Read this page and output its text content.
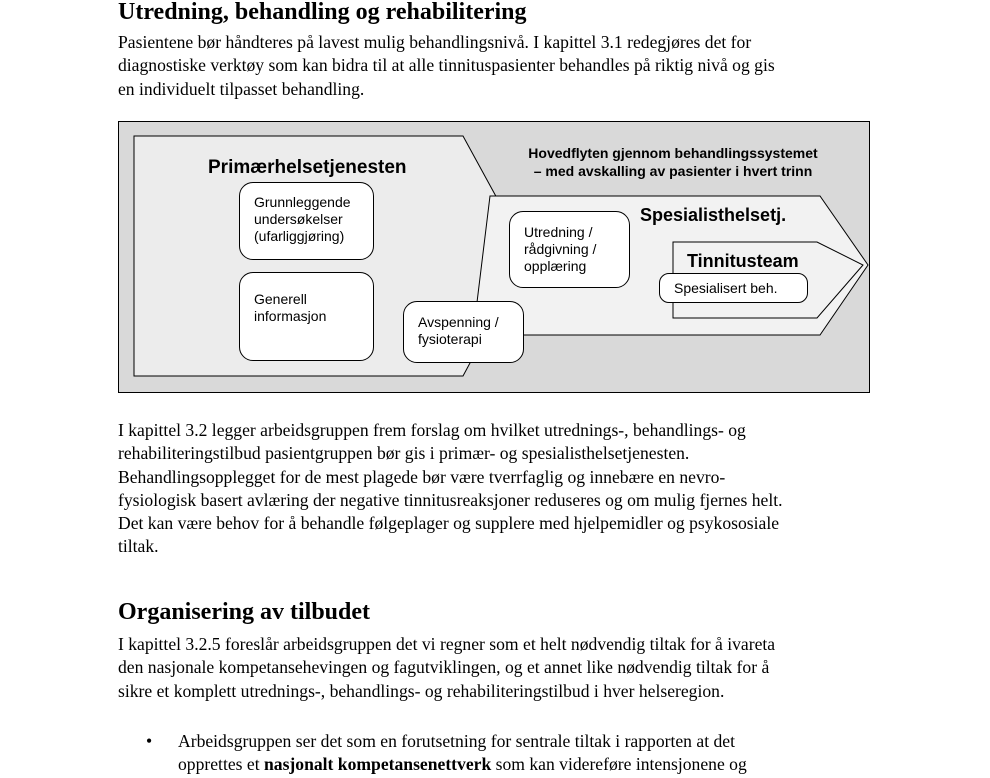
Utredning, behandling og rehabilitering

Pasientene bør håndteres på lavest mulig behandlingsnivå. I kapittel 3.1 redegjøres det for
diagnostiske verktøy som kan bidra til at alle tinnituspasienter behandles på riktig nivå og gis
en individuelt tilpasset behandling.

Hovedflyten gjennom behandlingssystemet
– med avskalling av pasienter i hvert trinn
Primærhelsetjenesten
Spesialisthelsetj.
Tinnitusteam
Grunnleggende
undersøkelser
(ufarliggjøring)
Generell
informasjon	Avspenning /
fysioterapi
Utredning /
rådgivning /
opplæring
Spesialisert beh.

I kapittel 3.2 legger arbeidsgruppen frem forslag om hvilket utrednings-, behandlings- og
rehabiliteringstilbud pasientgruppen bør gis i primær- og spesialisthelsetjenesten.
Behandlingsopplegget for de mest plagede bør være tverrfaglig og innebære en nevro-
fysiologisk basert avlæring der negative tinnitusreaksjoner reduseres og om mulig fjernes helt.
Det kan være behov for å behandle følgeplager og supplere med hjelpemidler og psykososiale
tiltak.

Organisering av tilbudet

I kapittel 3.2.5 foreslår arbeidsgruppen det vi regner som et helt nødvendig tiltak for å ivareta
den nasjonale kompetansehevingen og fagutviklingen, og et annet like nødvendig tiltak for å
sikre et komplett utrednings-, behandlings- og rehabiliteringstilbud i hver helseregion.

• Arbeidsgruppen ser det som en forutsetning for sentrale tiltak i rapporten at det
opprettes et nasjonalt kompetansenettverk som kan videreføre intensjonene og
